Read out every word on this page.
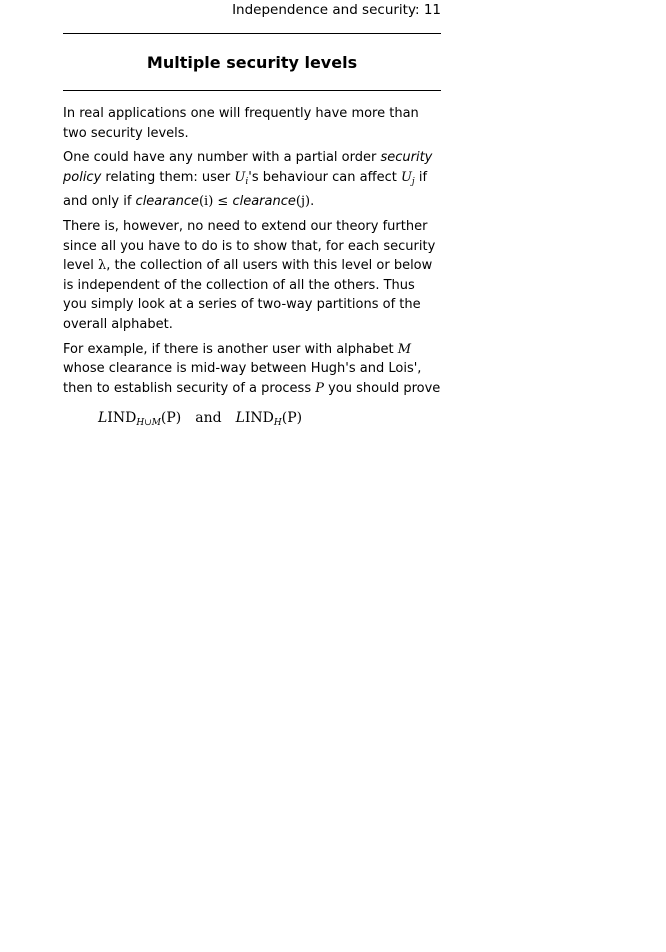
Independence and security: 11
Multiple security levels

In real applications one will frequently have more than two security levels.

One could have any number with a partial order security policy relating them: user $U_i's$ behaviour can affect $U_j$ if and only if clearance(i) ≤ clearance(j).

There is, however, no need to extend our theory further since all you have to do is to show that, for each security level λ, the collection of all users with this level or below is independent of the collection of all the others. Thus you simply look at a series of two-way partitions of the overall alphabet.

For example, if there is another user with alphabet M whose clearance is mid-way between Hugh's and Lois', then to establish security of a process P you should prove

$LIND_{H\cup M}(P)$ and $LIND_H(P)$
